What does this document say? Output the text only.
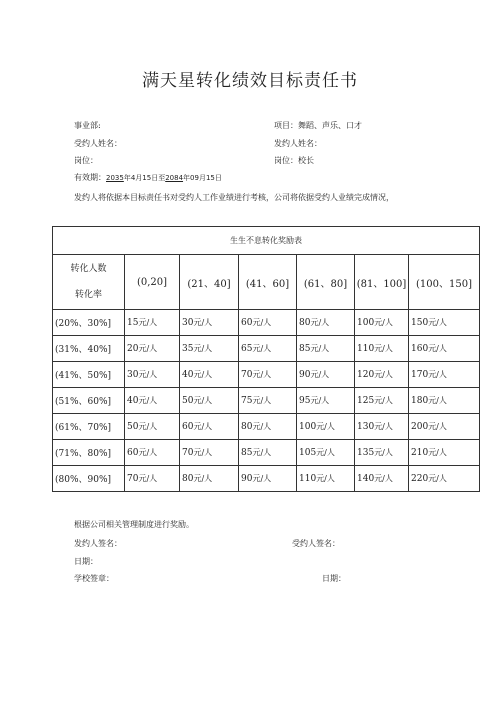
满天星转化绩效目标责任书
事业部:	项目：舞蹈、声乐、口才
受约人姓名：	发约人姓名：
岗位：	岗位：校长
有效期：2035年4月15日至2084年09月15日
发约人将依据本目标责任书对受约人工作业绩进行考核，公司将依据受约人业绩完成情况，
生生不息转化奖励表						

转化人数
转化率	(0,20]	(21、40]	(41、60]	(61、80]	(81、100]	(100、150]
(20%、30%]	15元/人	30元/人	60元/人	80元/人	100元/人	150元/人
(31%、40%]	20元/人	35元/人	65元/人	85元/人	110元/人	160元/人
(41%、50%]	30元/人	40元/人	70元/人	90元/人	120元/人	170元/人
(51%、60%]	40元/人	50元/人	75元/人	95元/人	125元/人	180元/人
(61%、70%]	50元/人	60元/人	80元/人	100元/人	130元/人	200元/人
(71%、80%]	60元/人	70元/人	85元/人	105元/人	135元/人	210元/人
(80%、90%]	70元/人	80元/人	90元/人	110元/人	140元/人	220元/人
根据公司相关管理制度进行奖励。
发约人签名：	受约人签名：
日期：
学校签章：	日期：
